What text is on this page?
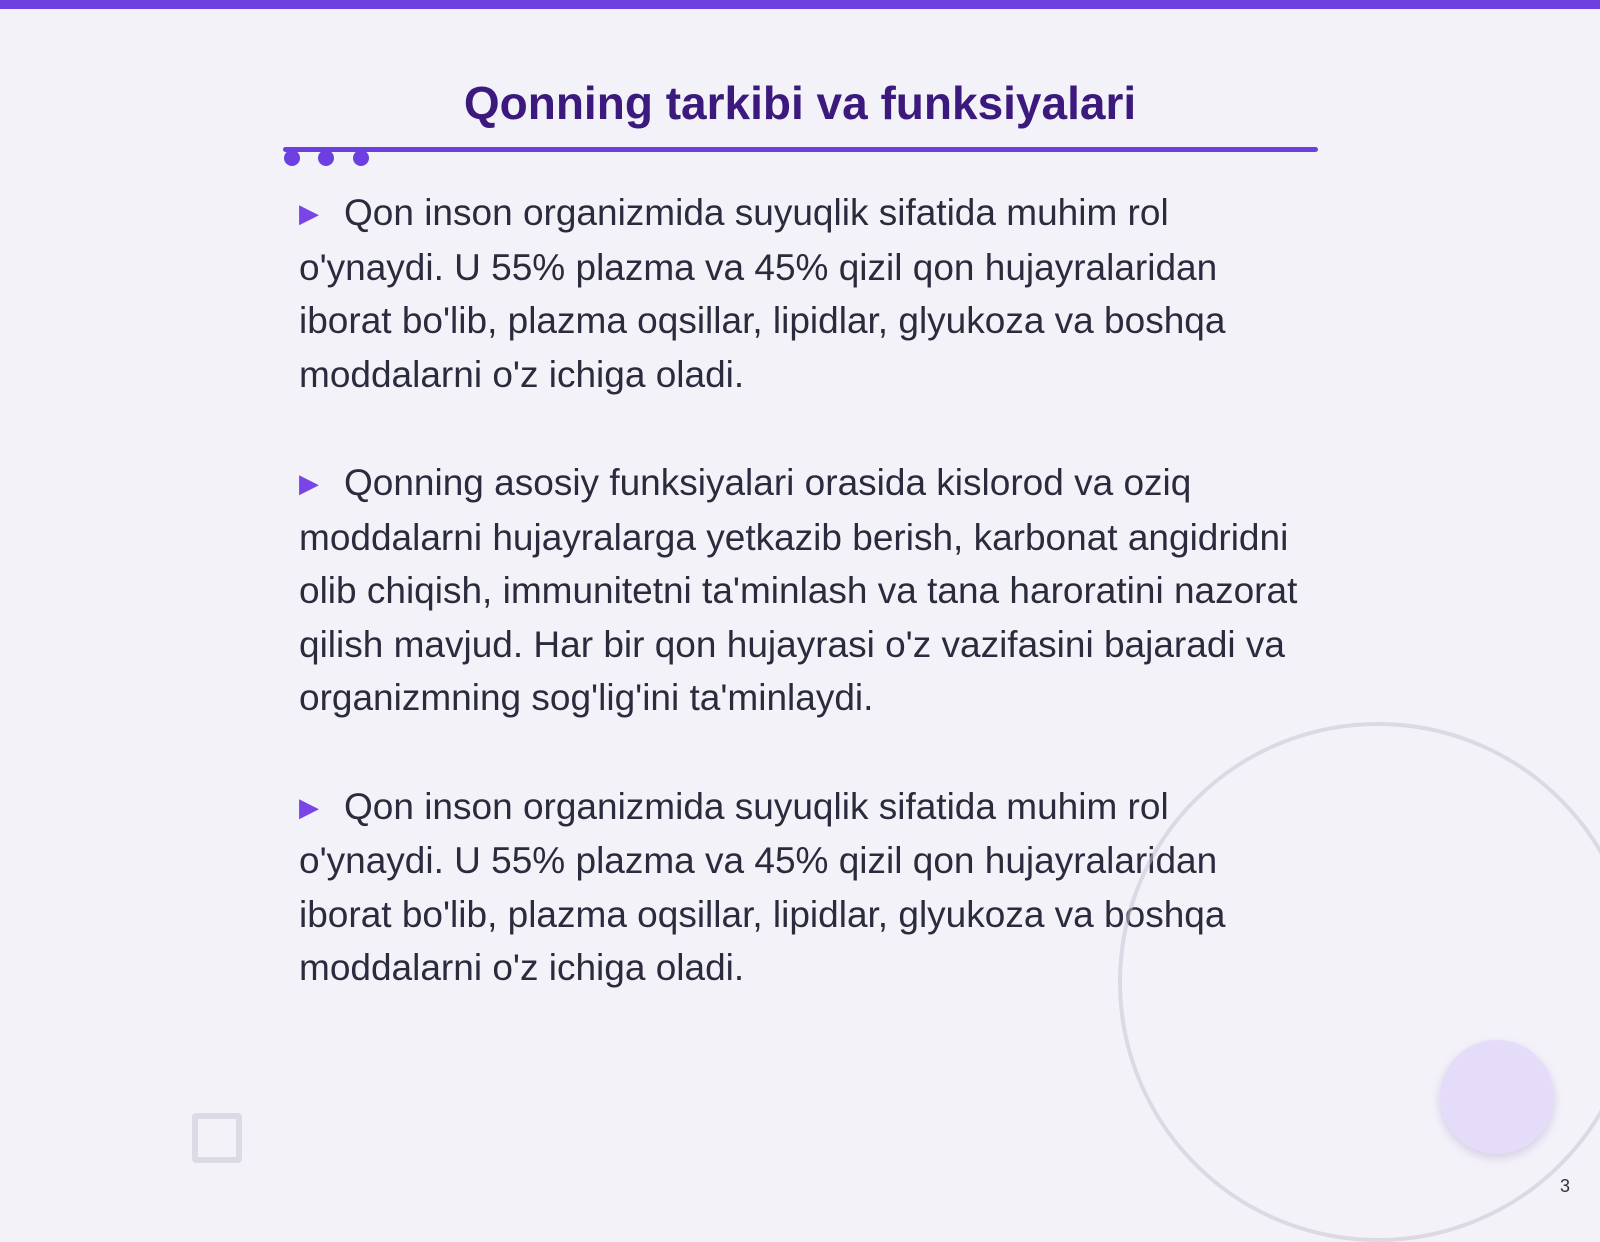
Qonning tarkibi va funksiyalari

▶ Qon inson organizmida suyuqlik sifatida muhim rol o'ynaydi. U 55% plazma va 45% qizil qon hujayralaridan iborat bo'lib, plazma oqsillar, lipidlar, glyukoza va boshqa moddalarni o'z ichiga oladi.

▶ Qonning asosiy funksiyalari orasida kislorod va oziq moddalarni hujayralarga yetkazib berish, karbonat angidridni olib chiqish, immunitetni ta'minlash va tana haroratini nazorat qilish mavjud. Har bir qon hujayrasi o'z vazifasini bajaradi va organizmning sog'lig'ini ta'minlaydi.

▶ Qon inson organizmida suyuqlik sifatida muhim rol o'ynaydi. U 55% plazma va 45% qizil qon hujayralaridan iborat bo'lib, plazma oqsillar, lipidlar, glyukoza va boshqa moddalarni o'z ichiga oladi.

3
